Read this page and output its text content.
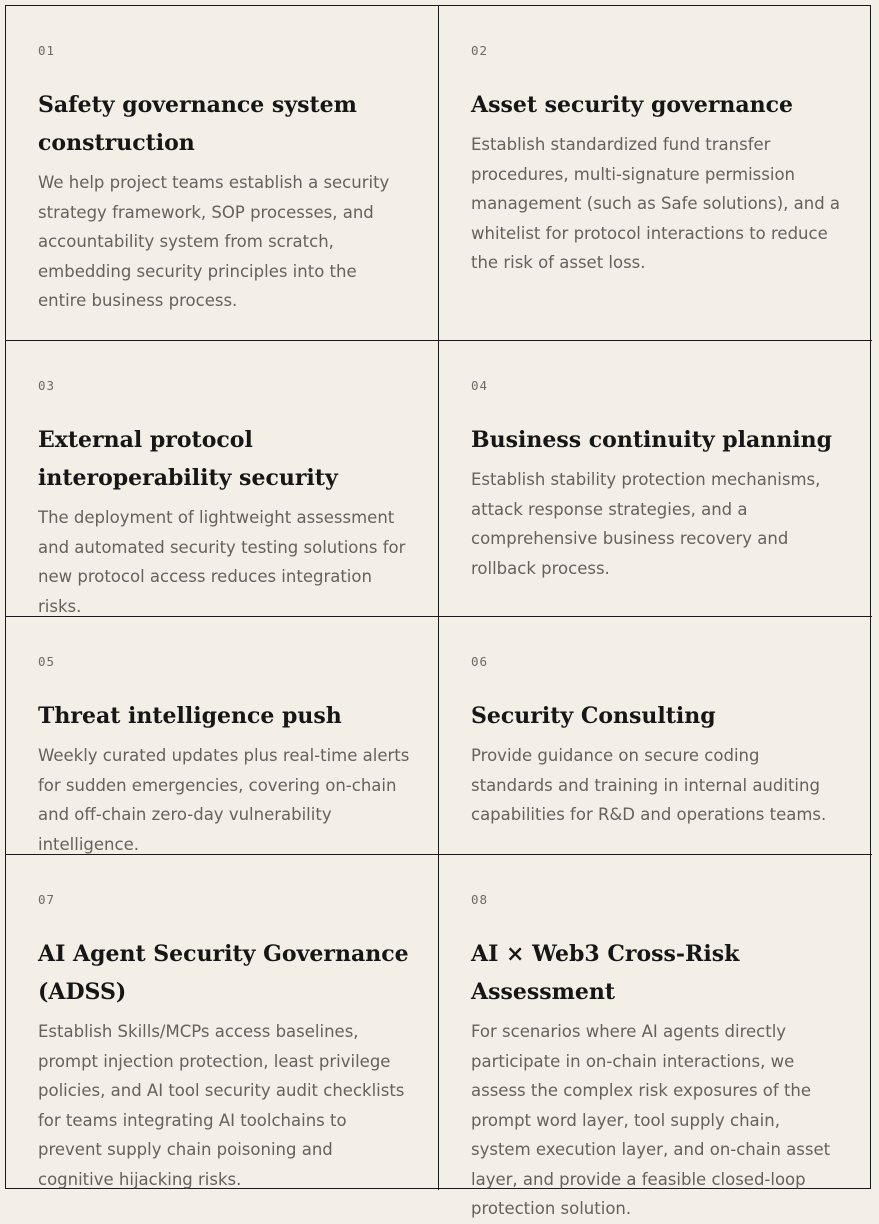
01
Safety governance system construction

We help project teams establish a security strategy framework, SOP processes, and accountability system from scratch, embedding security principles into the entire business process.

02
Asset security governance

Establish standardized fund transfer procedures, multi-signature permission management (such as Safe solutions), and a whitelist for protocol interactions to reduce the risk of asset loss.

03
External protocol interoperability security

The deployment of lightweight assessment and automated security testing solutions for new protocol access reduces integration risks.

04
Business continuity planning

Establish stability protection mechanisms, attack response strategies, and a comprehensive business recovery and rollback process.

05
Threat intelligence push

Weekly curated updates plus real-time alerts for sudden emergencies, covering on-chain and off-chain zero-day vulnerability intelligence.

06
Security Consulting

Provide guidance on secure coding standards and training in internal auditing capabilities for R&D and operations teams.

07
AI Agent Security Governance (ADSS)

Establish Skills/MCPs access baselines, prompt injection protection, least privilege policies, and AI tool security audit checklists for teams integrating AI toolchains to prevent supply chain poisoning and cognitive hijacking risks.

08
AI × Web3 Cross-Risk Assessment

For scenarios where AI agents directly participate in on-chain interactions, we assess the complex risk exposures of the prompt word layer, tool supply chain, system execution layer, and on-chain asset layer, and provide a feasible closed-loop protection solution.
